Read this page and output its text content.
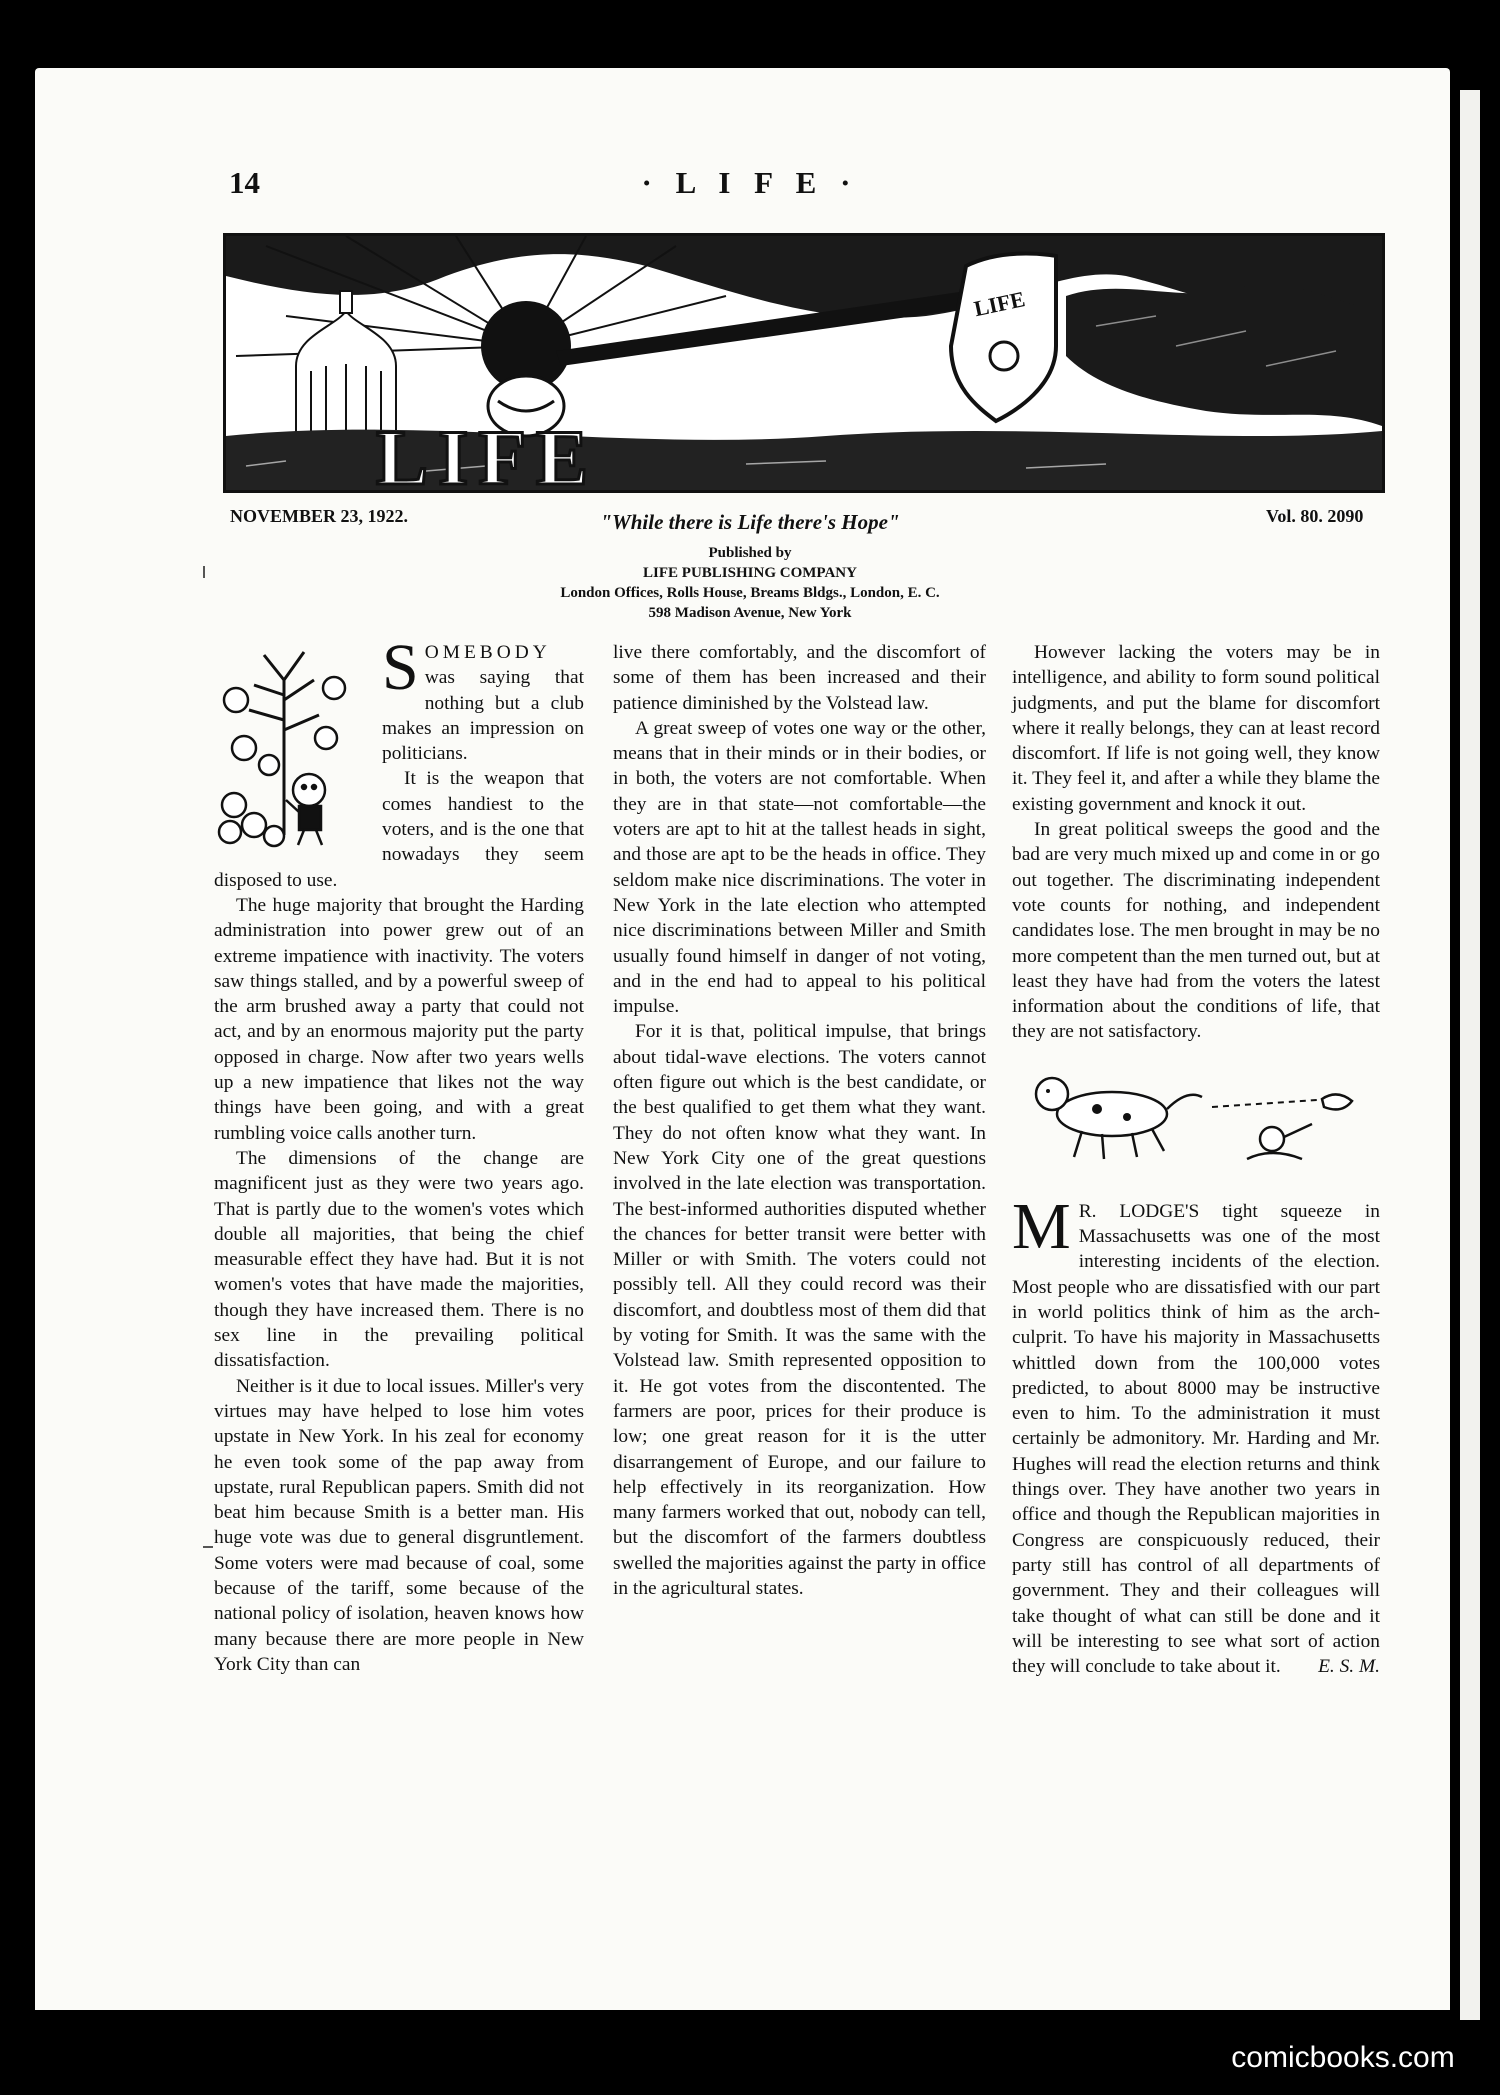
14	· L I F E ·
LIFE
LIFE
NOVEMBER 23, 1922.	"While there is Life there's Hope"	Vol. 80. 2090
Published by
LIFE PUBLISHING COMPANY
London Offices, Rolls House, Breams Bldgs., London, E. C.
598 Madison Avenue, New York

SOMEBODY was saying that nothing but a club makes an impression on politicians.

It is the weapon that comes handiest to the voters, and is the one that nowadays they seem disposed to use.

The huge majority that brought the Harding administration into power grew out of an extreme impatience with inactivity. The voters saw things stalled, and by a powerful sweep of the arm brushed away a party that could not act, and by an enormous majority put the party opposed in charge. Now after two years wells up a new impatience that likes not the way things have been going, and with a great rumbling voice calls another turn.

The dimensions of the change are magnificent just as they were two years ago. That is partly due to the women's votes which double all majorities, that being the chief measurable effect they have had. But it is not women's votes that have made the majorities, though they have increased them. There is no sex line in the prevailing political dissatisfaction.

Neither is it due to local issues. Miller's very virtues may have helped to lose him votes upstate in New York. In his zeal for economy he even took some of the pap away from upstate, rural Republican papers. Smith did not beat him because Smith is a better man. His huge vote was due to general disgruntlement. Some voters were mad because of coal, some because of the tariff, some because of the national policy of isolation, heaven knows how many because there are more people in New York City than can

live there comfortably, and the discomfort of some of them has been increased and their patience diminished by the Volstead law.

A great sweep of votes one way or the other, means that in their minds or in their bodies, or in both, the voters are not comfortable. When they are in that state—not comfortable—the voters are apt to hit at the tallest heads in sight, and those are apt to be the heads in office. They seldom make nice discriminations. The voter in New York in the late election who attempted nice discriminations between Miller and Smith usually found himself in danger of not voting, and in the end had to appeal to his political impulse.

For it is that, political impulse, that brings about tidal-wave elections. The voters cannot often figure out which is the best candidate, or the best qualified to get them what they want. They do not often know what they want. In New York City one of the great questions involved in the late election was transportation. The best-informed authorities disputed whether the chances for better transit were better with Miller or with Smith. The voters could not possibly tell. All they could record was their discomfort, and doubtless most of them did that by voting for Smith. It was the same with the Volstead law. Smith represented opposition to it. He got votes from the discontented. The farmers are poor, prices for their produce is low; one great reason for it is the utter disarrangement of Europe, and our failure to help effectively in its reorganization. How many farmers worked that out, nobody can tell, but the discomfort of the farmers doubtless swelled the majorities against the party in office in the agricultural states.

However lacking the voters may be in intelligence, and ability to form sound political judgments, and put the blame for discomfort where it really belongs, they can at least record discomfort. If life is not going well, they know it. They feel it, and after a while they blame the existing government and knock it out.

In great political sweeps the good and the bad are very much mixed up and come in or go out together. The discriminating independent vote counts for nothing, and independent candidates lose. The men brought in may be no more competent than the men turned out, but at least they have had from the voters the latest information about the conditions of life, that they are not satisfactory.

M R. LODGE'S tight squeeze in Massachusetts was one of the most interesting incidents of the election. Most people who are dissatisfied with our part in world politics think of him as the arch-culprit. To have his majority in Massachusetts whittled down from the 100,000 votes predicted, to about 8000 may be instructive even to him. To the administration it must certainly be admonitory. Mr. Harding and Mr. Hughes will read the election returns and think things over. They have another two years in office and though the Republican majorities in Congress are conspicuously reduced, their party still has control of all departments of government. They and their colleagues will take thought of what can still be done and it will be interesting to see what sort of action they will conclude to take about it. E. S. M.

comicbooks.com
